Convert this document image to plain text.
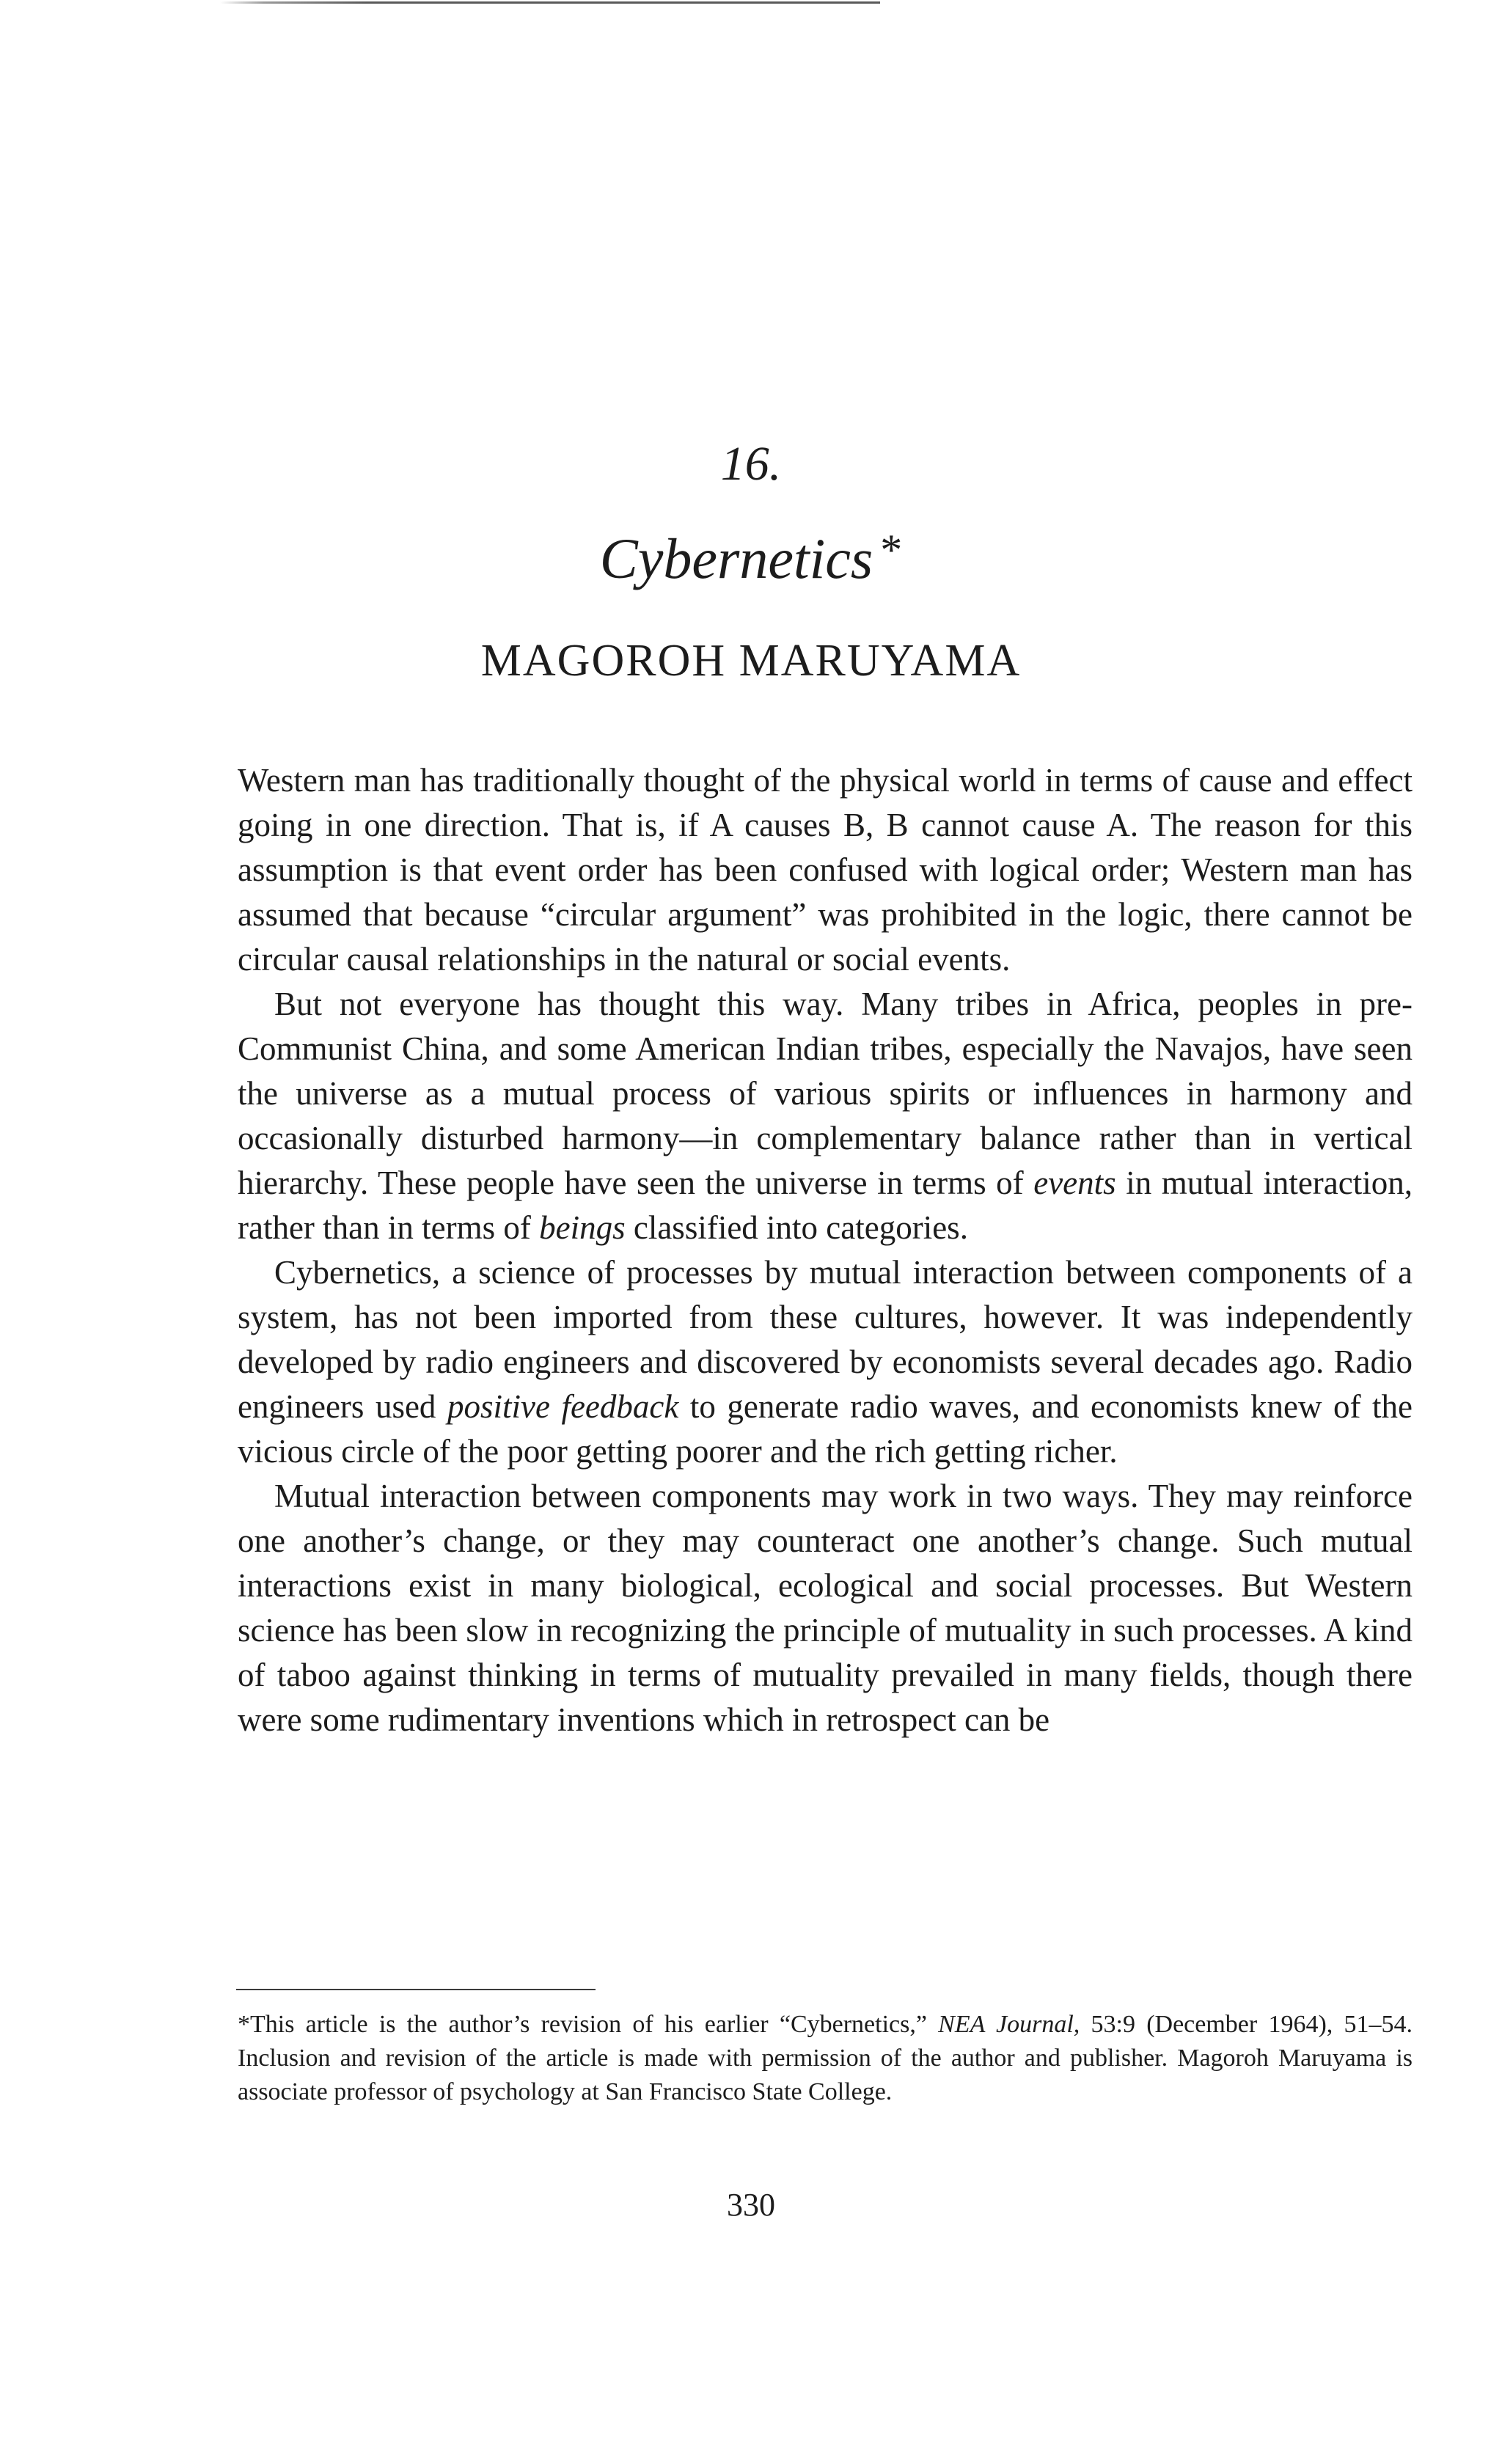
16.
Cybernetics *
MAGOROH MARUYAMA

Western man has traditionally thought of the physical world in terms of cause and effect going in one direction. That is, if A causes B, B cannot cause A. The reason for this assumption is that event order has been confused with logical order; Western man has assumed that because “circular argument” was prohibited in the logic, there cannot be circular causal relationships in the natural or social events.

But not everyone has thought this way. Many tribes in Africa, peoples in pre-Communist China, and some American Indian tribes, especially the Navajos, have seen the universe as a mutual process of various spirits or influences in harmony and occasionally disturbed harmony—in complementary balance rather than in vertical hierarchy. These people have seen the universe in terms of events in mutual interaction, rather than in terms of beings classified into categories.

Cybernetics, a science of processes by mutual interaction between components of a system, has not been imported from these cultures, however. It was independently developed by radio engineers and discovered by economists several decades ago. Radio engineers used positive feedback to generate radio waves, and economists knew of the vicious circle of the poor getting poorer and the rich getting richer.

Mutual interaction between components may work in two ways. They may reinforce one another’s change, or they may counteract one another’s change. Such mutual interactions exist in many biological, ecological and social processes. But Western science has been slow in recognizing the principle of mutuality in such processes. A kind of taboo against thinking in terms of mutuality prevailed in many fields, though there were some rudimentary inventions which in retrospect can be

*This article is the author’s revision of his earlier “Cybernetics,” NEA Journal, 53:9 (December 1964), 51–54. Inclusion and revision of the article is made with permission of the author and publisher. Magoroh Maruyama is associate professor of psychology at San Francisco State College.
330
